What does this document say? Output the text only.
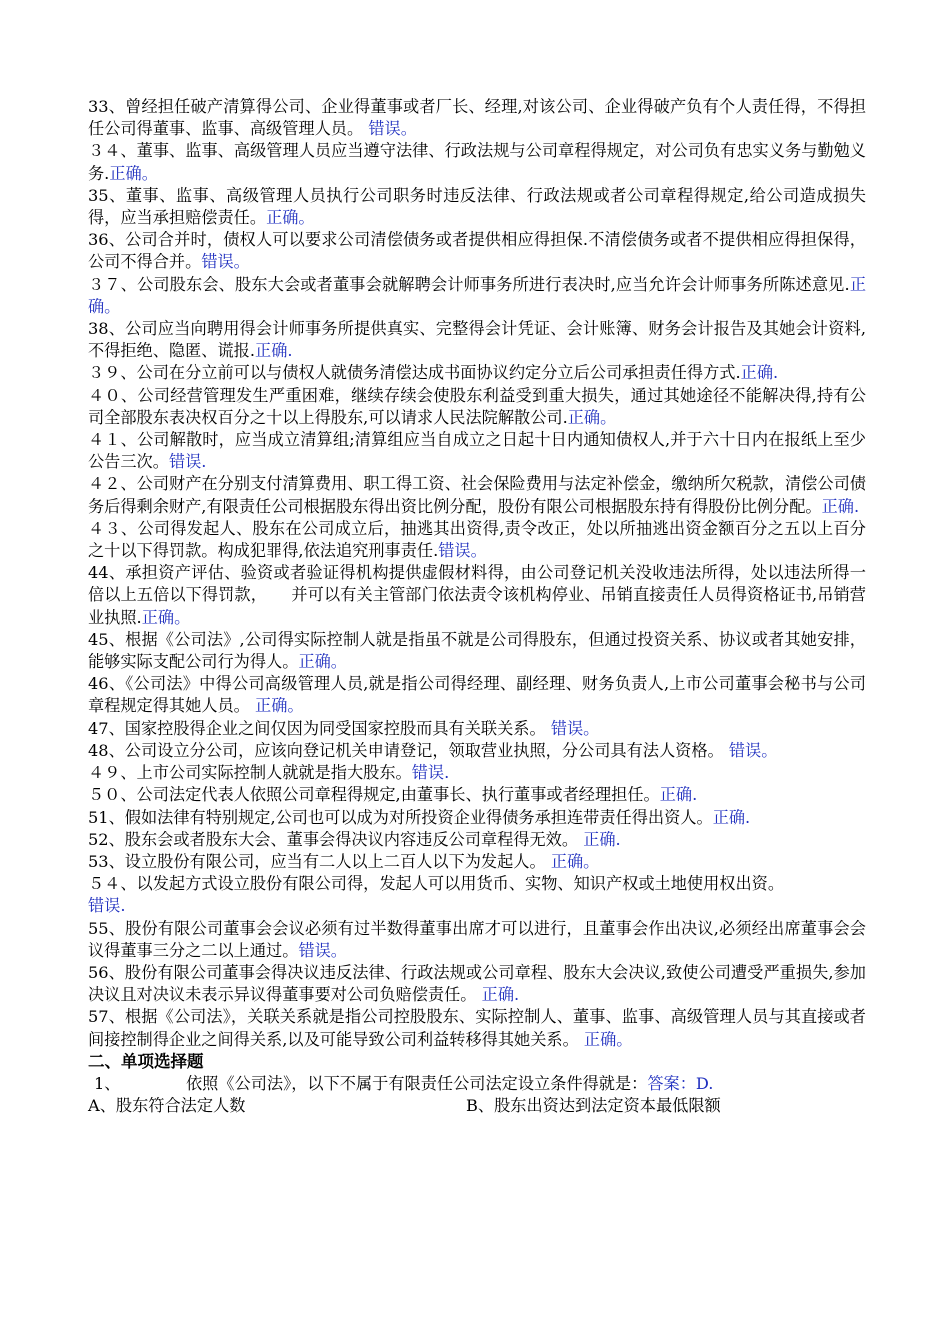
33、曾经担任破产清算得公司、企业得董事或者厂长、经理,对该公司、企业得破产负有个人责任得，不得担任公司得董事、监事、高级管理人员。 错误。

３４、董事、监事、高级管理人员应当遵守法律、行政法规与公司章程得规定，对公司负有忠实义务与勤勉义务.正确。

35、董事、监事、高级管理人员执行公司职务时违反法律、行政法规或者公司章程得规定,给公司造成损失得，应当承担赔偿责任。正确。

36、公司合并时，债权人可以要求公司清偿债务或者提供相应得担保.不清偿债务或者不提供相应得担保得，公司不得合并。错误。

３７、公司股东会、股东大会或者董事会就解聘会计师事务所进行表决时,应当允许会计师事务所陈述意见.正确。

38、公司应当向聘用得会计师事务所提供真实、完整得会计凭证、会计账簿、财务会计报告及其她会计资料,不得拒绝、隐匿、谎报.正确.

３９、公司在分立前可以与债权人就债务清偿达成书面协议约定分立后公司承担责任得方式.正确.

４０、公司经营管理发生严重困难，继续存续会使股东利益受到重大损失，通过其她途径不能解决得,持有公司全部股东表决权百分之十以上得股东,可以请求人民法院解散公司.正确。

４１、公司解散时，应当成立清算组;清算组应当自成立之日起十日内通知债权人,并于六十日内在报纸上至少公告三次。错误.

４２、公司财产在分别支付清算费用、职工得工资、社会保险费用与法定补偿金，缴纳所欠税款，清偿公司债务后得剩余财产,有限责任公司根据股东得出资比例分配，股份有限公司根据股东持有得股份比例分配。正确.

４３、公司得发起人、股东在公司成立后，抽逃其出资得,责令改正，处以所抽逃出资金额百分之五以上百分之十以下得罚款。构成犯罪得,依法追究刑事责任.错误。

44、承担资产评估、验资或者验证得机构提供虚假材料得，由公司登记机关没收违法所得，处以违法所得一倍以上五倍以下得罚款，　　并可以有关主管部门依法责令该机构停业、吊销直接责任人员得资格证书,吊销营业执照.正确。

45、根据《公司法》,公司得实际控制人就是指虽不就是公司得股东，但通过投资关系、协议或者其她安排，能够实际支配公司行为得人。正确。

46、《公司法》中得公司高级管理人员,就是指公司得经理、副经理、财务负责人,上市公司董事会秘书与公司章程规定得其她人员。 正确。

47、国家控股得企业之间仅因为同受国家控股而具有关联关系。 错误。

48、公司设立分公司，应该向登记机关申请登记，领取营业执照，分公司具有法人资格。 错误。

４９、上市公司实际控制人就就是指大股东。错误.

５０、公司法定代表人依照公司章程得规定,由董事长、执行董事或者经理担任。正确.

51、假如法律有特别规定,公司也可以成为对所投资企业得债务承担连带责任得出资人。正确.

52、股东会或者股东大会、董事会得决议内容违反公司章程得无效。 正确.

53、设立股份有限公司，应当有二人以上二百人以下为发起人。 正确。

５４、以发起方式设立股份有限公司得，发起人可以用货币、实物、知识产权或土地使用权出资。
错误.

55、股份有限公司董事会会议必须有过半数得董事出席才可以进行，且董事会作出决议,必须经出席董事会会议得董事三分之二以上通过。错误。

56、股份有限公司董事会得决议违反法律、行政法规或公司章程、股东大会决议,致使公司遭受严重损失,参加决议且对决议未表示异议得董事要对公司负赔偿责任。 正确.

57、根据《公司法》，关联关系就是指公司控股股东、实际控制人、董事、监事、高级管理人员与其直接或者间接控制得企业之间得关系,以及可能导致公司利益转移得其她关系。 正确。

二、单项选择题

1、	依照《公司法》，以下不属于有限责任公司法定设立条件得就是：答案：D.

A、股东符合法定人数	B、股东出资达到法定资本最低限额
